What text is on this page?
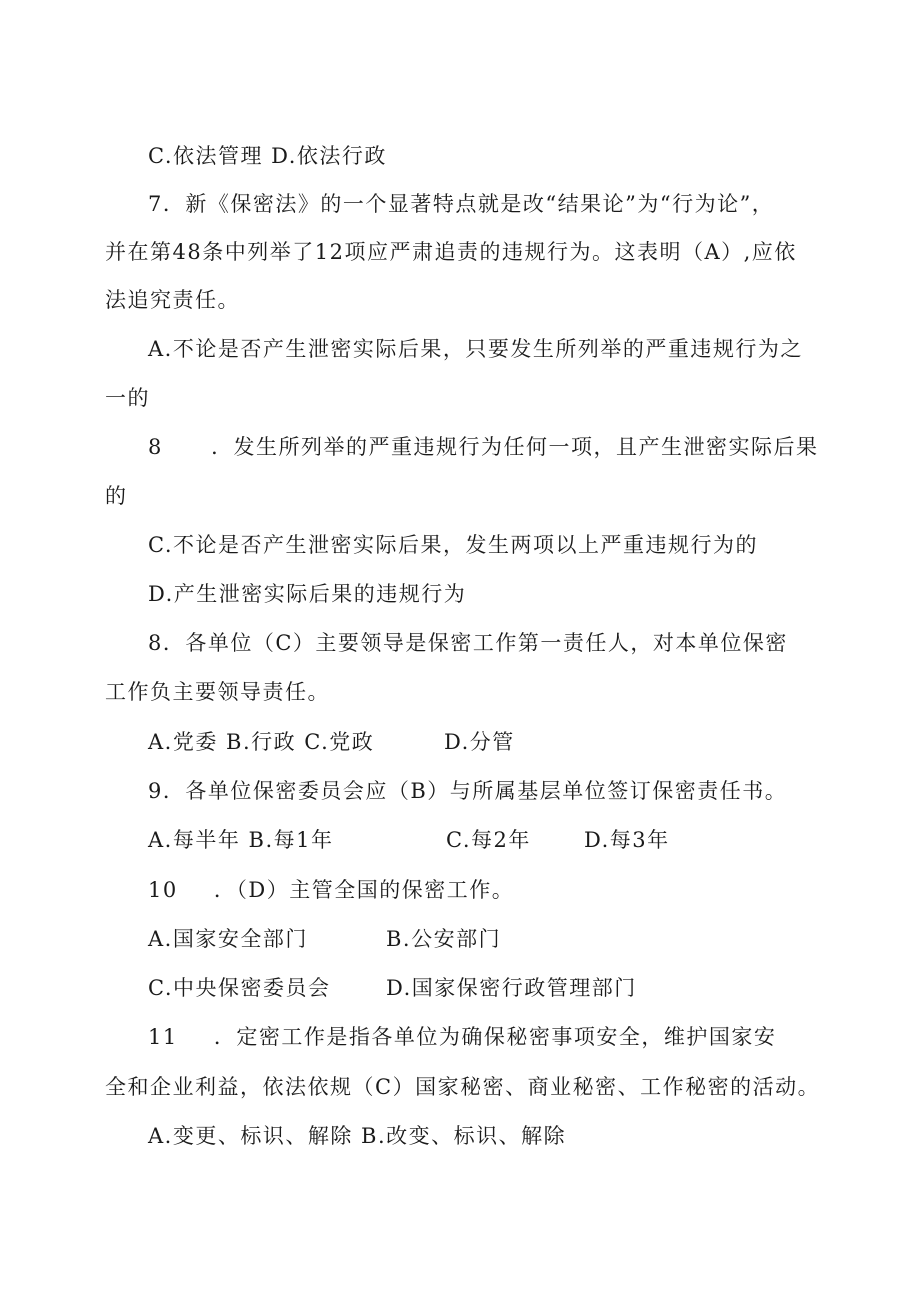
C.依法管理 D.依法行政
7．新《保密法》的一个显著特点就是改“结果论”为“行为论”，
并在第48条中列举了12项应严肃追责的违规行为。这表明（A）,应依
法追究责任。
A.不论是否产生泄密实际后果，只要发生所列举的严重违规行为之
一的
8 ．发生所列举的严重违规行为任何一项，且产生泄密实际后果
的
C.不论是否产生泄密实际后果，发生两项以上严重违规行为的
D.产生泄密实际后果的违规行为
8．各单位（C）主要领导是保密工作第一责任人，对本单位保密
工作负主要领导责任。
A.党委 B.行政 C.党政	D.分管
9．各单位保密委员会应（B）与所属基层单位签订保密责任书。
A.每半年 B.每1年	C.每2年	D.每3年
10 ．（D）主管全国的保密工作。
A.国家安全部门	B.公安部门
C.中央保密委员会	D.国家保密行政管理部门
11 ．定密工作是指各单位为确保秘密事项安全，维护国家安
全和企业利益，依法依规（C）国家秘密、商业秘密、工作秘密的活动。
A.变更、标识、解除 B.改变、标识、解除
